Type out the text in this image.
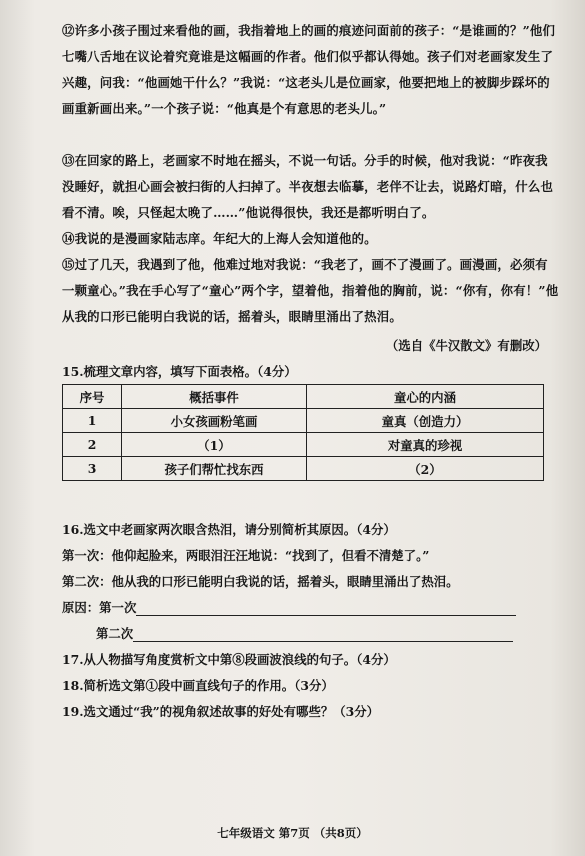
⑫许多小孩子围过来看他的画，我指着地上的画的痕迹问面前的孩子：“是谁画的？”他们七嘴八舌地在议论着究竟谁是这幅画的作者。他们似乎都认得她。孩子们对老画家发生了兴趣，问我：“他画她干什么？”我说：“这老头儿是位画家，他要把地上的被脚步踩坏的画重新画出来。”一个孩子说：“他真是个有意思的老头儿。”
⑬在回家的路上，老画家不时地在摇头，不说一句话。分手的时候，他对我说：“昨夜我没睡好，就担心画会被扫街的人扫掉了。半夜想去临摹，老伴不让去，说路灯暗，什么也看不清。唉，只怪起太晚了……”他说得很快，我还是都听明白了。
⑭我说的是漫画家陆志庠。年纪大的上海人会知道他的。
⑮过了几天，我遇到了他，他难过地对我说：“我老了，画不了漫画了。画漫画，必须有一颗童心。”我在手心写了“童心”两个字，望着他，指着他的胸前，说：“你有，你有！”他从我的口形已能明白我说的话，摇着头，眼睛里涌出了热泪。
（选自《牛汉散文》有删改）
15.梳理文章内容，填写下面表格。（4分）
序号	概括事件	童心的内涵
1	小女孩画粉笔画	童真（创造力）
2	（1）	对童真的珍视
3	孩子们帮忙找东西	（2）
16.选文中老画家两次眼含热泪，请分别简析其原因。（4分）
第一次：他仰起脸来，两眼泪汪汪地说：“找到了，但看不清楚了。”
第二次：他从我的口形已能明白我说的话，摇着头，眼睛里涌出了热泪。
原因：第一次
第二次
17.从人物描写角度赏析文中第⑧段画波浪线的句子。（4分）
18.简析选文第①段中画直线句子的作用。（3分）
19.选文通过“我”的视角叙述故事的好处有哪些？（3分）
七年级语文 第7页 （共8页）
